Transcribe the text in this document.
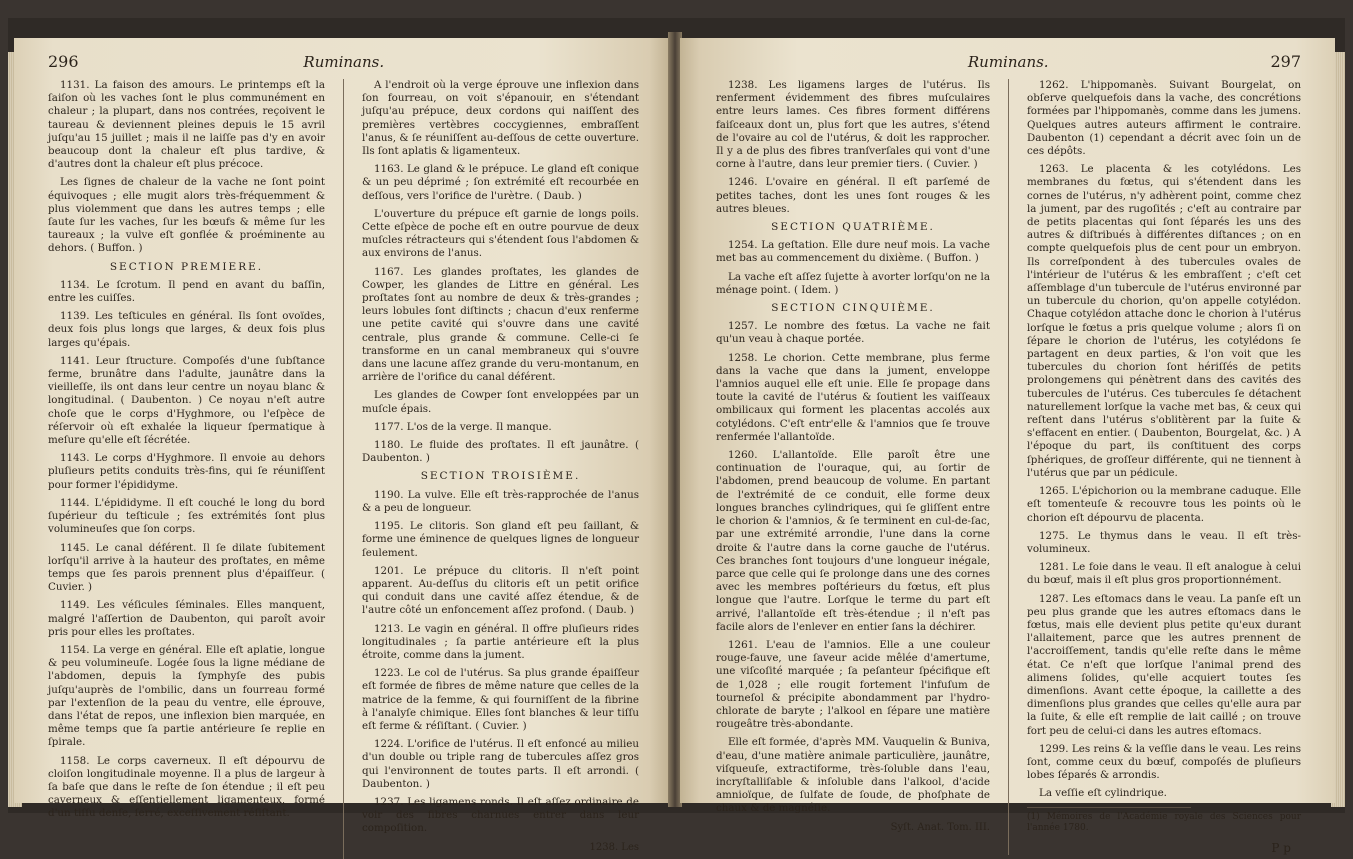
296	Ruminans.

1131. La faison des amours. Le printemps eſt la ſaiſon où les vaches ſont le plus communément en chaleur ; la plupart, dans nos contrées, reçoivent le taureau & deviennent pleines depuis le 15 avril juſqu'au 15 juillet ; mais il ne laiſſe pas d'y en avoir beaucoup dont la chaleur eſt plus tardive, & d'autres dont la chaleur eſt plus précoce.

Les ſignes de chaleur de la vache ne ſont point équivoques ; elle mugit alors très-fréquemment & plus violemment que dans les autres temps ; elle ſaute ſur les vaches, ſur les bœufs & même ſur les taureaux ; la vulve eſt gonflée & proéminente au dehors. ( Buffon. )

SECTION PREMIERE.

1134. Le ſcrotum. Il pend en avant du baſſin, entre les cuiſſes.

1139. Les teſticules en général. Ils ſont ovoïdes, deux fois plus longs que larges, & deux fois plus larges qu'épais.

1141. Leur ſtructure. Compoſés d'une ſubſtance ferme, brunâtre dans l'adulte, jaunâtre dans la vieilleſſe, ils ont dans leur centre un noyau blanc & longitudinal. ( Daubenton. ) Ce noyau n'eſt autre choſe que le corps d'Hyghmore, ou l'eſpèce de réſervoir où eſt exhalée la liqueur ſpermatique à meſure qu'elle eſt ſécrétée.

1143. Le corps d'Hyghmore. Il envoie au dehors pluſieurs petits conduits très-fins, qui ſe réuniſſent pour former l'épididyme.

1144. L'épididyme. Il eſt couché le long du bord ſupérieur du teſticule ; ſes extrémités ſont plus volumineuſes que ſon corps.

1145. Le canal déférent. Il ſe dilate ſubitement lorſqu'il arrive à la hauteur des proſtates, en même temps que ſes parois prennent plus d'épaiſſeur. ( Cuvier. )

1149. Les véſicules ſéminales. Elles manquent, malgré l'aſſertion de Daubenton, qui paroît avoir pris pour elles les proſtates.

1154. La verge en général. Elle eſt aplatie, longue & peu volumineuſe. Logée ſous la ligne médiane de l'abdomen, depuis la ſymphyſe des pubis juſqu'auprès de l'ombilic, dans un fourreau formé par l'extenſion de la peau du ventre, elle éprouve, dans l'état de repos, une inflexion bien marquée, en même temps que ſa partie antérieure ſe replie en ſpirale.

1158. Le corps caverneux. Il eſt dépourvu de cloiſon longitudinale moyenne. Il a plus de largeur à ſa baſe que dans le reſte de ſon étendue ; il eſt peu caverneux & eſſentiellement ligamenteux, formé d'un tiſſu denſe, ſerré, exceſſivement réſiſtant.

A l'endroit où la verge éprouve une inflexion dans ſon fourreau, on voit s'épanouir, en s'étendant juſqu'au prépuce, deux cordons qui naiſſent des premières vertèbres coccygiennes, embraſſent l'anus, & ſe réuniſſent au-deſſous de cette ouverture. Ils ſont aplatis & ligamenteux.

1163. Le gland & le prépuce. Le gland eſt conique & un peu déprimé ; ſon extrémité eſt recourbée en deſſous, vers l'orifice de l'urètre. ( Daub. )

L'ouverture du prépuce eſt garnie de longs poils. Cette eſpèce de poche eſt en outre pourvue de deux muſcles rétracteurs qui s'étendent ſous l'abdomen & aux environs de l'anus.

1167. Les glandes proſtates, les glandes de Cowper, les glandes de Littre en général. Les proſtates ſont au nombre de deux & très-grandes ; leurs lobules ſont diſtincts ; chacun d'eux renferme une petite cavité qui s'ouvre dans une cavité centrale, plus grande & commune. Celle-ci ſe transforme en un canal membraneux qui s'ouvre dans une lacune aſſez grande du veru-montanum, en arrière de l'orifice du canal déférent.

Les glandes de Cowper ſont enveloppées par un muſcle épais.

1177. L'os de la verge. Il manque.

1180. Le fluide des proſtates. Il eſt jaunâtre. ( Daubenton. )

SECTION TROISIÈME.

1190. La vulve. Elle eſt très-rapprochée de l'anus & a peu de longueur.

1195. Le clitoris. Son gland eſt peu ſaillant, & forme une éminence de quelques lignes de longueur ſeulement.

1201. Le prépuce du clitoris. Il n'eſt point apparent. Au-deſſus du clitoris eſt un petit orifice qui conduit dans une cavité aſſez étendue, & de l'autre côté un enfoncement aſſez profond. ( Daub. )

1213. Le vagin en général. Il offre pluſieurs rides longitudinales ; ſa partie antérieure eſt la plus étroite, comme dans la jument.

1223. Le col de l'utérus. Sa plus grande épaiſſeur eſt formée de fibres de même nature que celles de la matrice de la femme, & qui fourniſſent de la fibrine à l'analyſe chimique. Elles ſont blanches & leur tiſſu eſt ferme & réſiſtant. ( Cuvier. )

1224. L'orifice de l'utérus. Il eſt enfoncé au milieu d'un double ou triple rang de tubercules aſſez gros qui l'environnent de toutes parts. Il eſt arrondi. ( Daubenton. )

1237. Les ligamens ronds. Il eſt aſſez ordinaire de voir des fibres charnues entrer dans leur compoſition.

1238. Les

Ruminans.	297

1238. Les ligamens larges de l'utérus. Ils renferment évidemment des fibres muſculaires entre leurs lames. Ces fibres forment différens faiſceaux dont un, plus fort que les autres, s'étend de l'ovaire au col de l'utérus, & doit les rapprocher. Il y a de plus des fibres tranſverſales qui vont d'une corne à l'autre, dans leur premier tiers. ( Cuvier. )

1246. L'ovaire en général. Il eſt parſemé de petites taches, dont les unes ſont rouges & les autres bleues.

SECTION QUATRIÈME.

1254. La geſtation. Elle dure neuf mois. La vache met bas au commencement du dixième. ( Buffon. )

La vache eſt aſſez ſujette à avorter lorſqu'on ne la ménage point. ( Idem. )

SECTION CINQUIÈME.

1257. Le nombre des fœtus. La vache ne fait qu'un veau à chaque portée.

1258. Le chorion. Cette membrane, plus ferme dans la vache que dans la jument, enveloppe l'amnios auquel elle eſt unie. Elle ſe propage dans toute la cavité de l'utérus & ſoutient les vaiſſeaux ombilicaux qui forment les placentas accolés aux cotylédons. C'eſt entr'elle & l'amnios que ſe trouve renfermée l'allantoïde.

1260. L'allantoïde. Elle paroît être une continuation de l'ouraque, qui, au ſortir de l'abdomen, prend beaucoup de volume. En partant de l'extrémité de ce conduit, elle forme deux longues branches cylindriques, qui ſe gliſſent entre le chorion & l'amnios, & ſe terminent en cul-de-ſac, par une extrémité arrondie, l'une dans la corne droite & l'autre dans la corne gauche de l'utérus. Ces branches ſont toujours d'une longueur inégale, parce que celle qui ſe prolonge dans une des cornes avec les membres poſtérieurs du fœtus, eſt plus longue que l'autre. Lorſque le terme du part eſt arrivé, l'allantoïde eſt très-étendue ; il n'eſt pas facile alors de l'enlever en entier ſans la déchirer.

1261. L'eau de l'amnios. Elle a une couleur rouge-fauve, une ſaveur acide mêlée d'amertume, une viſcoſité marquée ; ſa peſanteur ſpécifique eſt de 1,028 ; elle rougit fortement l'infuſum de tourneſol & précipite abondamment par l'hydro-chlorate de baryte ; l'alkool en ſépare une matière rougeâtre très-abondante.

Elle eſt formée, d'après MM. Vauquelin & Buniva, d'eau, d'une matière animale particulière, jaunâtre, viſqueuſe, extractiforme, très-ſoluble dans l'eau, incryſtalliſable & inſoluble dans l'alkool, d'acide amnioïque, de ſulfate de ſoude, de phoſphate de chaux & de magnéſie.

Syſt. Anat. Tom. III.

1262. L'hippomanès. Suivant Bourgelat, on obſerve quelquefois dans la vache, des concrétions formées par l'hippomanès, comme dans les jumens. Quelques autres auteurs affirment le contraire. Daubenton (1) cependant a décrit avec ſoin un de ces dépôts.

1263. Le placenta & les cotylédons. Les membranes du fœtus, qui s'étendent dans les cornes de l'utérus, n'y adhèrent point, comme chez la jument, par des rugoſités ; c'eſt au contraire par de petits placentas qui ſont ſéparés les uns des autres & diſtribués à différentes diſtances ; on en compte quelquefois plus de cent pour un embryon. Ils correſpondent à des tubercules ovales de l'intérieur de l'utérus & les embraſſent ; c'eſt cet aſſemblage d'un tubercule de l'utérus environné par un tubercule du chorion, qu'on appelle cotylédon. Chaque cotylédon attache donc le chorion à l'utérus lorſque le fœtus a pris quelque volume ; alors ſi on ſépare le chorion de l'utérus, les cotylédons ſe partagent en deux parties, & l'on voit que les tubercules du chorion ſont hériſſés de petits prolongemens qui pénètrent dans des cavités des tubercules de l'utérus. Ces tubercules ſe détachent naturellement lorſque la vache met bas, & ceux qui reſtent dans l'utérus s'oblitèrent par la ſuite & s'effacent en entier. ( Daubenton, Bourgelat, &c. ) A l'époque du part, ils conſtituent des corps ſphériques, de groſſeur différente, qui ne tiennent à l'utérus que par un pédicule.

1265. L'épichorion ou la membrane caduque. Elle eſt tomenteuſe & recouvre tous les points où le chorion eſt dépourvu de placenta.

1275. Le thymus dans le veau. Il eſt très-volumineux.

1281. Le foie dans le veau. Il eſt analogue à celui du bœuf, mais il eſt plus gros proportionnément.

1287. Les eſtomacs dans le veau. La panſe eſt un peu plus grande que les autres eſtomacs dans le fœtus, mais elle devient plus petite qu'eux durant l'allaitement, parce que les autres prennent de l'accroiſſement, tandis qu'elle reſte dans le même état. Ce n'eſt que lorſque l'animal prend des alimens ſolides, qu'elle acquiert toutes ſes dimenſions. Avant cette époque, la caillette a des dimenſions plus grandes que celles qu'elle aura par la ſuite, & elle eſt remplie de lait caillé ; on trouve fort peu de celui-ci dans les autres eſtomacs.

1299. Les reins & la veſſie dans le veau. Les reins ſont, comme ceux du bœuf, compoſés de pluſieurs lobes ſéparés & arrondis.

La veſſie eſt cylindrique.

(1) Mémoires de l'Académie royale des Sciences pour l'année 1780.
P p
